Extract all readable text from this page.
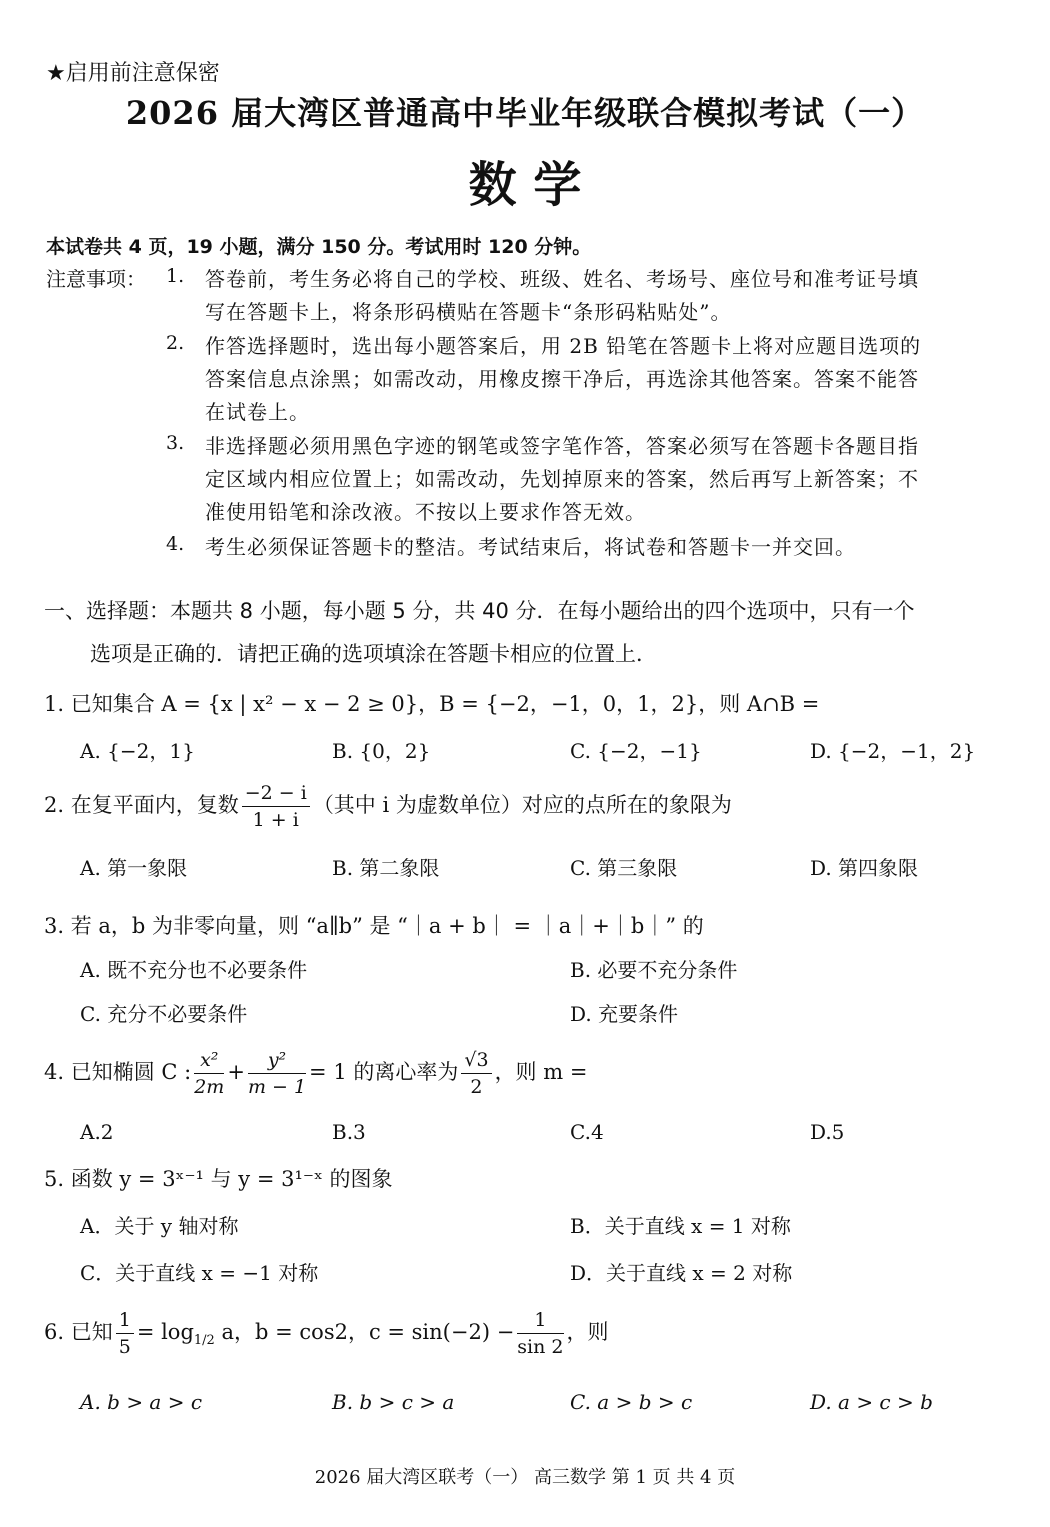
★启用前注意保密
2026 届大湾区普通高中毕业年级联合模拟考试（一）
数 学
本试卷共 4 页，19 小题，满分 150 分。考试用时 120 分钟。
注意事项： 1. 答卷前，考生务必将自己的学校、班级、姓名、考场号、座位号和准考证号填
写在答题卡上，将条形码横贴在答题卡“条形码粘贴处”。
2. 作答选择题时，选出每小题答案后，用 2B 铅笔在答题卡上将对应题目选项的
答案信息点涂黑；如需改动，用橡皮擦干净后，再选涂其他答案。答案不能答
在试卷上。
3. 非选择题必须用黑色字迹的钢笔或签字笔作答，答案必须写在答题卡各题目指
定区域内相应位置上；如需改动，先划掉原来的答案，然后再写上新答案；不
准使用铅笔和涂改液。不按以上要求作答无效。
4. 考生必须保证答题卡的整洁。考试结束后，将试卷和答题卡一并交回。
一、选择题：本题共 8 小题，每小题 5 分，共 40 分．在每小题给出的四个选项中，只有一个
选项是正确的．请把正确的选项填涂在答题卡相应的位置上．
1. 已知集合 A = {x | x² − x − 2 ≥ 0}，B = {−2，−1，0，1，2}，则 A∩B =
A. {−2，1}	B. {0，2}	C. {−2，−1}	D. {−2，−1，2}
2. 在复平面内，复数 $\frac{-2 - i}{1 + i}$ （其中 i 为虚数单位）对应的点所在的象限为
A. 第一象限	B. 第二象限	C. 第三象限	D. 第四象限
3. 若 a，b 为非零向量，则 “a∥b” 是 “｜a + b｜ = ｜a｜+｜b｜” 的
A. 既不充分也不必要条件	B. 必要不充分条件
C. 充分不必要条件	D. 充要条件
4. 已知椭圆 C : $\frac{\text{x²}}{2m} + \frac{\text{y²}}{m - 1} = 1$ 的离心率为 $\frac{√3}{2}$ ，则 m =
A.2	B.3	C.4	D.5
5. 函数 y = 3ˣ⁻¹ 与 y = 3¹⁻ˣ 的图象
A．关于 y 轴对称	B．关于直线 x = 1 对称
C．关于直线 x = −1 对称	D．关于直线 x = 2 对称
6. 已知 $\frac{1}{5} = \log_{1/2} a$，b = cos2，$c = \sin(-2) - \frac{1}{\sin 2}$ ，则
A. b > a > c	B. b > c > a	C. a > b > c	D. a > c > b
2026 届大湾区联考（一） 高三数学 第 1 页 共 4 页
